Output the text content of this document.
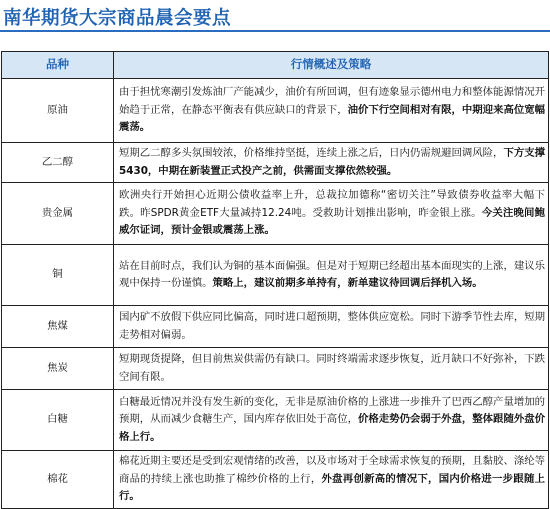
南华期货大宗商品晨会要点
品种	行情概述及策略
原油	由于担忧寒潮引发炼油厂产能减少，油价有所回调，但有迹象显示德州电力和整体能源情况开始趋于正常，在静态平衡表有供应缺口的背景下，油价下行空间相对有限，中期迎来高位宽幅震荡。
乙二醇	短期乙二醇多头氛围较浓，价格维持坚挺，连续上涨之后，日内仍需规避回调风险，下方支撑5430，中期在新装置正式投产之前，供需面支撑依然较强。
贵金属	欧洲央行开始担心近期公债收益率上升，总裁拉加德称“密切关注”导致债券收益率大幅下跌。昨SPDR黄金ETF大量减持12.24吨。受救助计划推出影响，昨金银上涨。今关注晚间鲍威尔证词，预计金银或震荡上涨。
铜	站在目前时点，我们认为铜的基本面偏强。但是对于短期已经超出基本面现实的上涨，建议乐观中保持一份谨慎。策略上，建议前期多单持有，新单建议待回调后择机入场。
焦煤	国内矿不放假下供应同比偏高，同时进口超预期，整体供应宽松。同时下游季节性去库，短期走势相对偏弱。
焦炭	短期现货提降，但目前焦炭供需仍有缺口。同时终端需求逐步恢复，近月缺口不好弥补，下跌空间有限。
白糖	白糖最近情况并没有发生新的变化，无非是原油价格的上涨进一步推升了巴西乙醇产量增加的预期，从而减少食糖生产，国内库存依旧处于高位，价格走势仍会弱于外盘，整体跟随外盘价格上行。
棉花	棉花近期主要还是受到宏观情绪的改善，以及市场对于全球需求恢复的预期，且黏胶、涤纶等商品的持续上涨也助推了棉纱价格的上行，外盘再创新高的情况下，国内价格进一步跟随上行。
